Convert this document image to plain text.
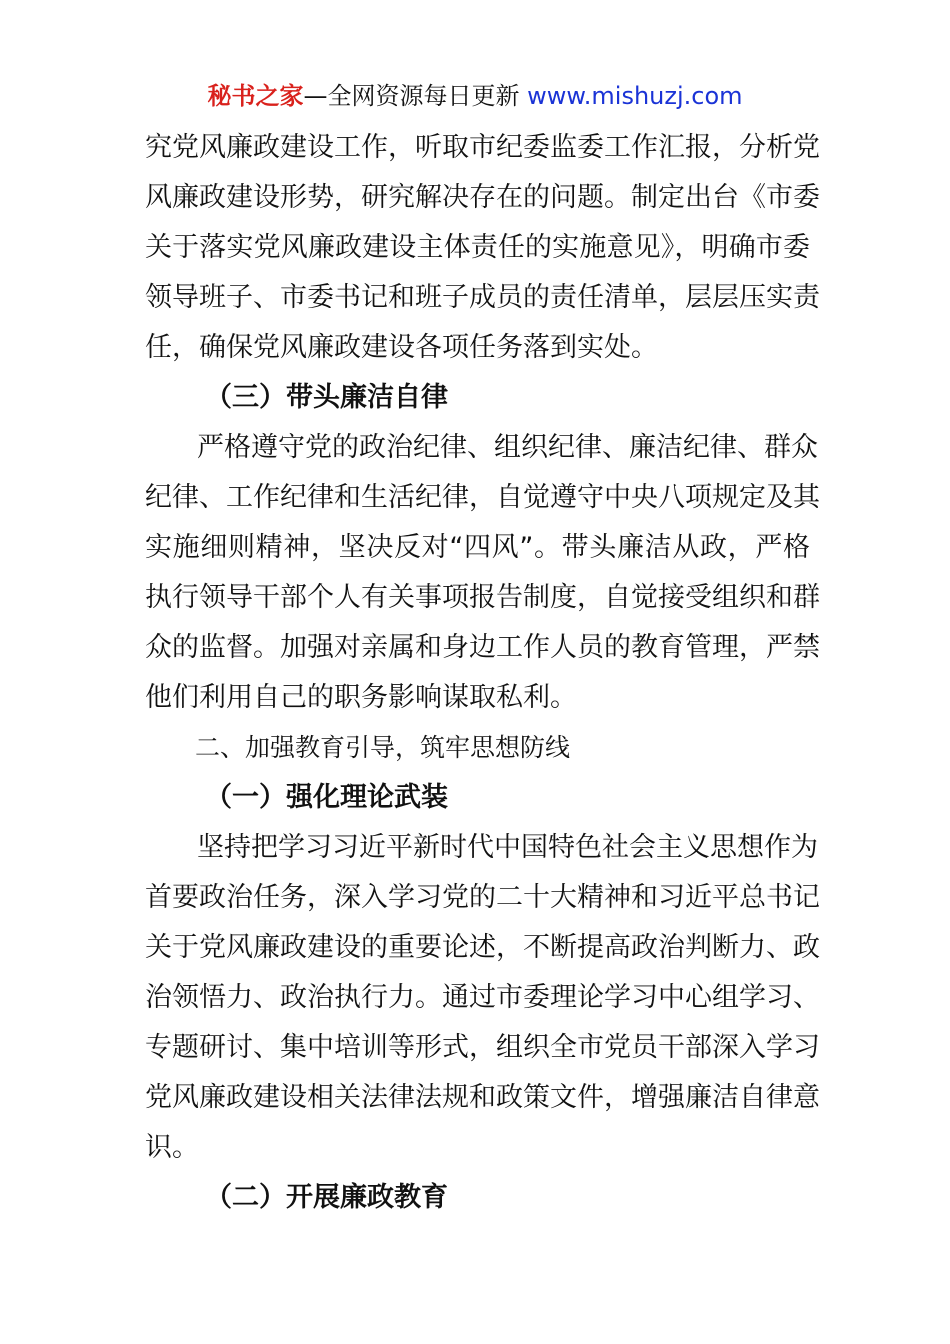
秘书之家—全网资源每日更新 www.mishuzj.com
究党风廉政建设工作，听取市纪委监委工作汇报，分析党
风廉政建设形势，研究解决存在的问题。制定出台《市委
关于落实党风廉政建设主体责任的实施意见》，明确市委
领导班子、市委书记和班子成员的责任清单，层层压实责
任，确保党风廉政建设各项任务落到实处。
（三）带头廉洁自律
严格遵守党的政治纪律、组织纪律、廉洁纪律、群众
纪律、工作纪律和生活纪律，自觉遵守中央八项规定及其
实施细则精神，坚决反对“四风”。带头廉洁从政，严格
执行领导干部个人有关事项报告制度，自觉接受组织和群
众的监督。加强对亲属和身边工作人员的教育管理，严禁
他们利用自己的职务影响谋取私利。
二、加强教育引导，筑牢思想防线
（一）强化理论武装
坚持把学习习近平新时代中国特色社会主义思想作为
首要政治任务，深入学习党的二十大精神和习近平总书记
关于党风廉政建设的重要论述，不断提高政治判断力、政
治领悟力、政治执行力。通过市委理论学习中心组学习、
专题研讨、集中培训等形式，组织全市党员干部深入学习
党风廉政建设相关法律法规和政策文件，增强廉洁自律意
识。
（二）开展廉政教育
